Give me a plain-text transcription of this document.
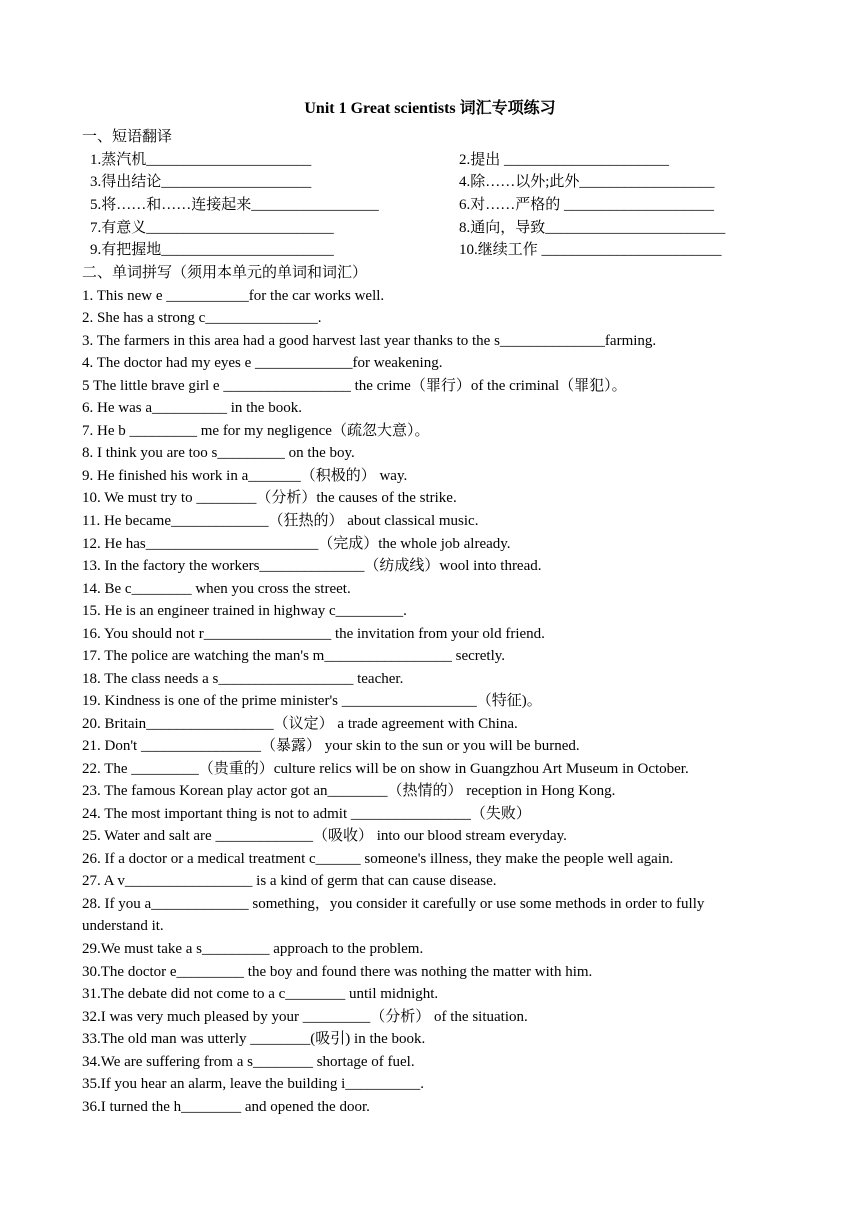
Unit 1 Great scientists 词汇专项练习
一、短语翻译
1.蒸汽机______________________	2.提出 ______________________
3.得出结论____________________	4.除……以外;此外__________________
5.将……和……连接起来_________________	6.对……严格的 ____________________
7.有意义_________________________	8.通向，导致________________________
9.有把握地_______________________	10.继续工作 ________________________
二、单词拼写（须用本单元的单词和词汇）
1. This new e ___________for the car works well.
2. She has a strong c_______________.
3. The farmers in this area had a good harvest last year thanks to the s______________farming.
4. The doctor had my eyes e _____________for weakening.
5 The little brave girl e _________________ the crime（罪行）of the criminal（罪犯）。
6. He was a__________ in the book.
7. He b _________ me for my negligence（疏忽大意）。
8. I think you are too s_________ on the boy.
9. He finished his work in a_______（积极的） way.
10. We must try to ________（分析）the causes of the strike.
11. He became_____________（狂热的） about classical music.
12. He has_______________________（完成）the whole job already.
13. In the factory the workers______________（纺成线）wool into thread.
14. Be c________ when you cross the street.
15. He is an engineer trained in highway c_________.
16. You should not r_________________ the invitation from your old friend.
17. The police are watching the man's m_________________ secretly.
18. The class needs a s__________________ teacher.
19. Kindness is one of the prime minister's __________________（特征)。
20. Britain_________________（议定） a trade agreement with China.
21. Don't ________________（暴露） your skin to the sun or you will be burned.
22. The _________（贵重的）culture relics will be on show in Guangzhou Art Museum in October.
23. The famous Korean play actor got an________（热情的） reception in Hong Kong.
24. The most important thing is not to admit ________________（失败）
25. Water and salt are _____________（吸收） into our blood stream everyday.
26. If a doctor or a medical treatment c______ someone's illness, they make the people well again.
27. A v_________________ is a kind of germ that can cause disease.
28. If you a_____________ something，you consider it carefully or use some methods in order to fully understand it.
29.We must take a s_________ approach to the problem.
30.The doctor e_________ the boy and found there was nothing the matter with him.
31.The debate did not come to a c________ until midnight.
32.I was very much pleased by your _________（分析） of the situation.
33.The old man was utterly ________(吸引) in the book.
34.We are suffering from a s________ shortage of fuel.
35.If you hear an alarm, leave the building i__________.
36.I turned the h________ and opened the door.
